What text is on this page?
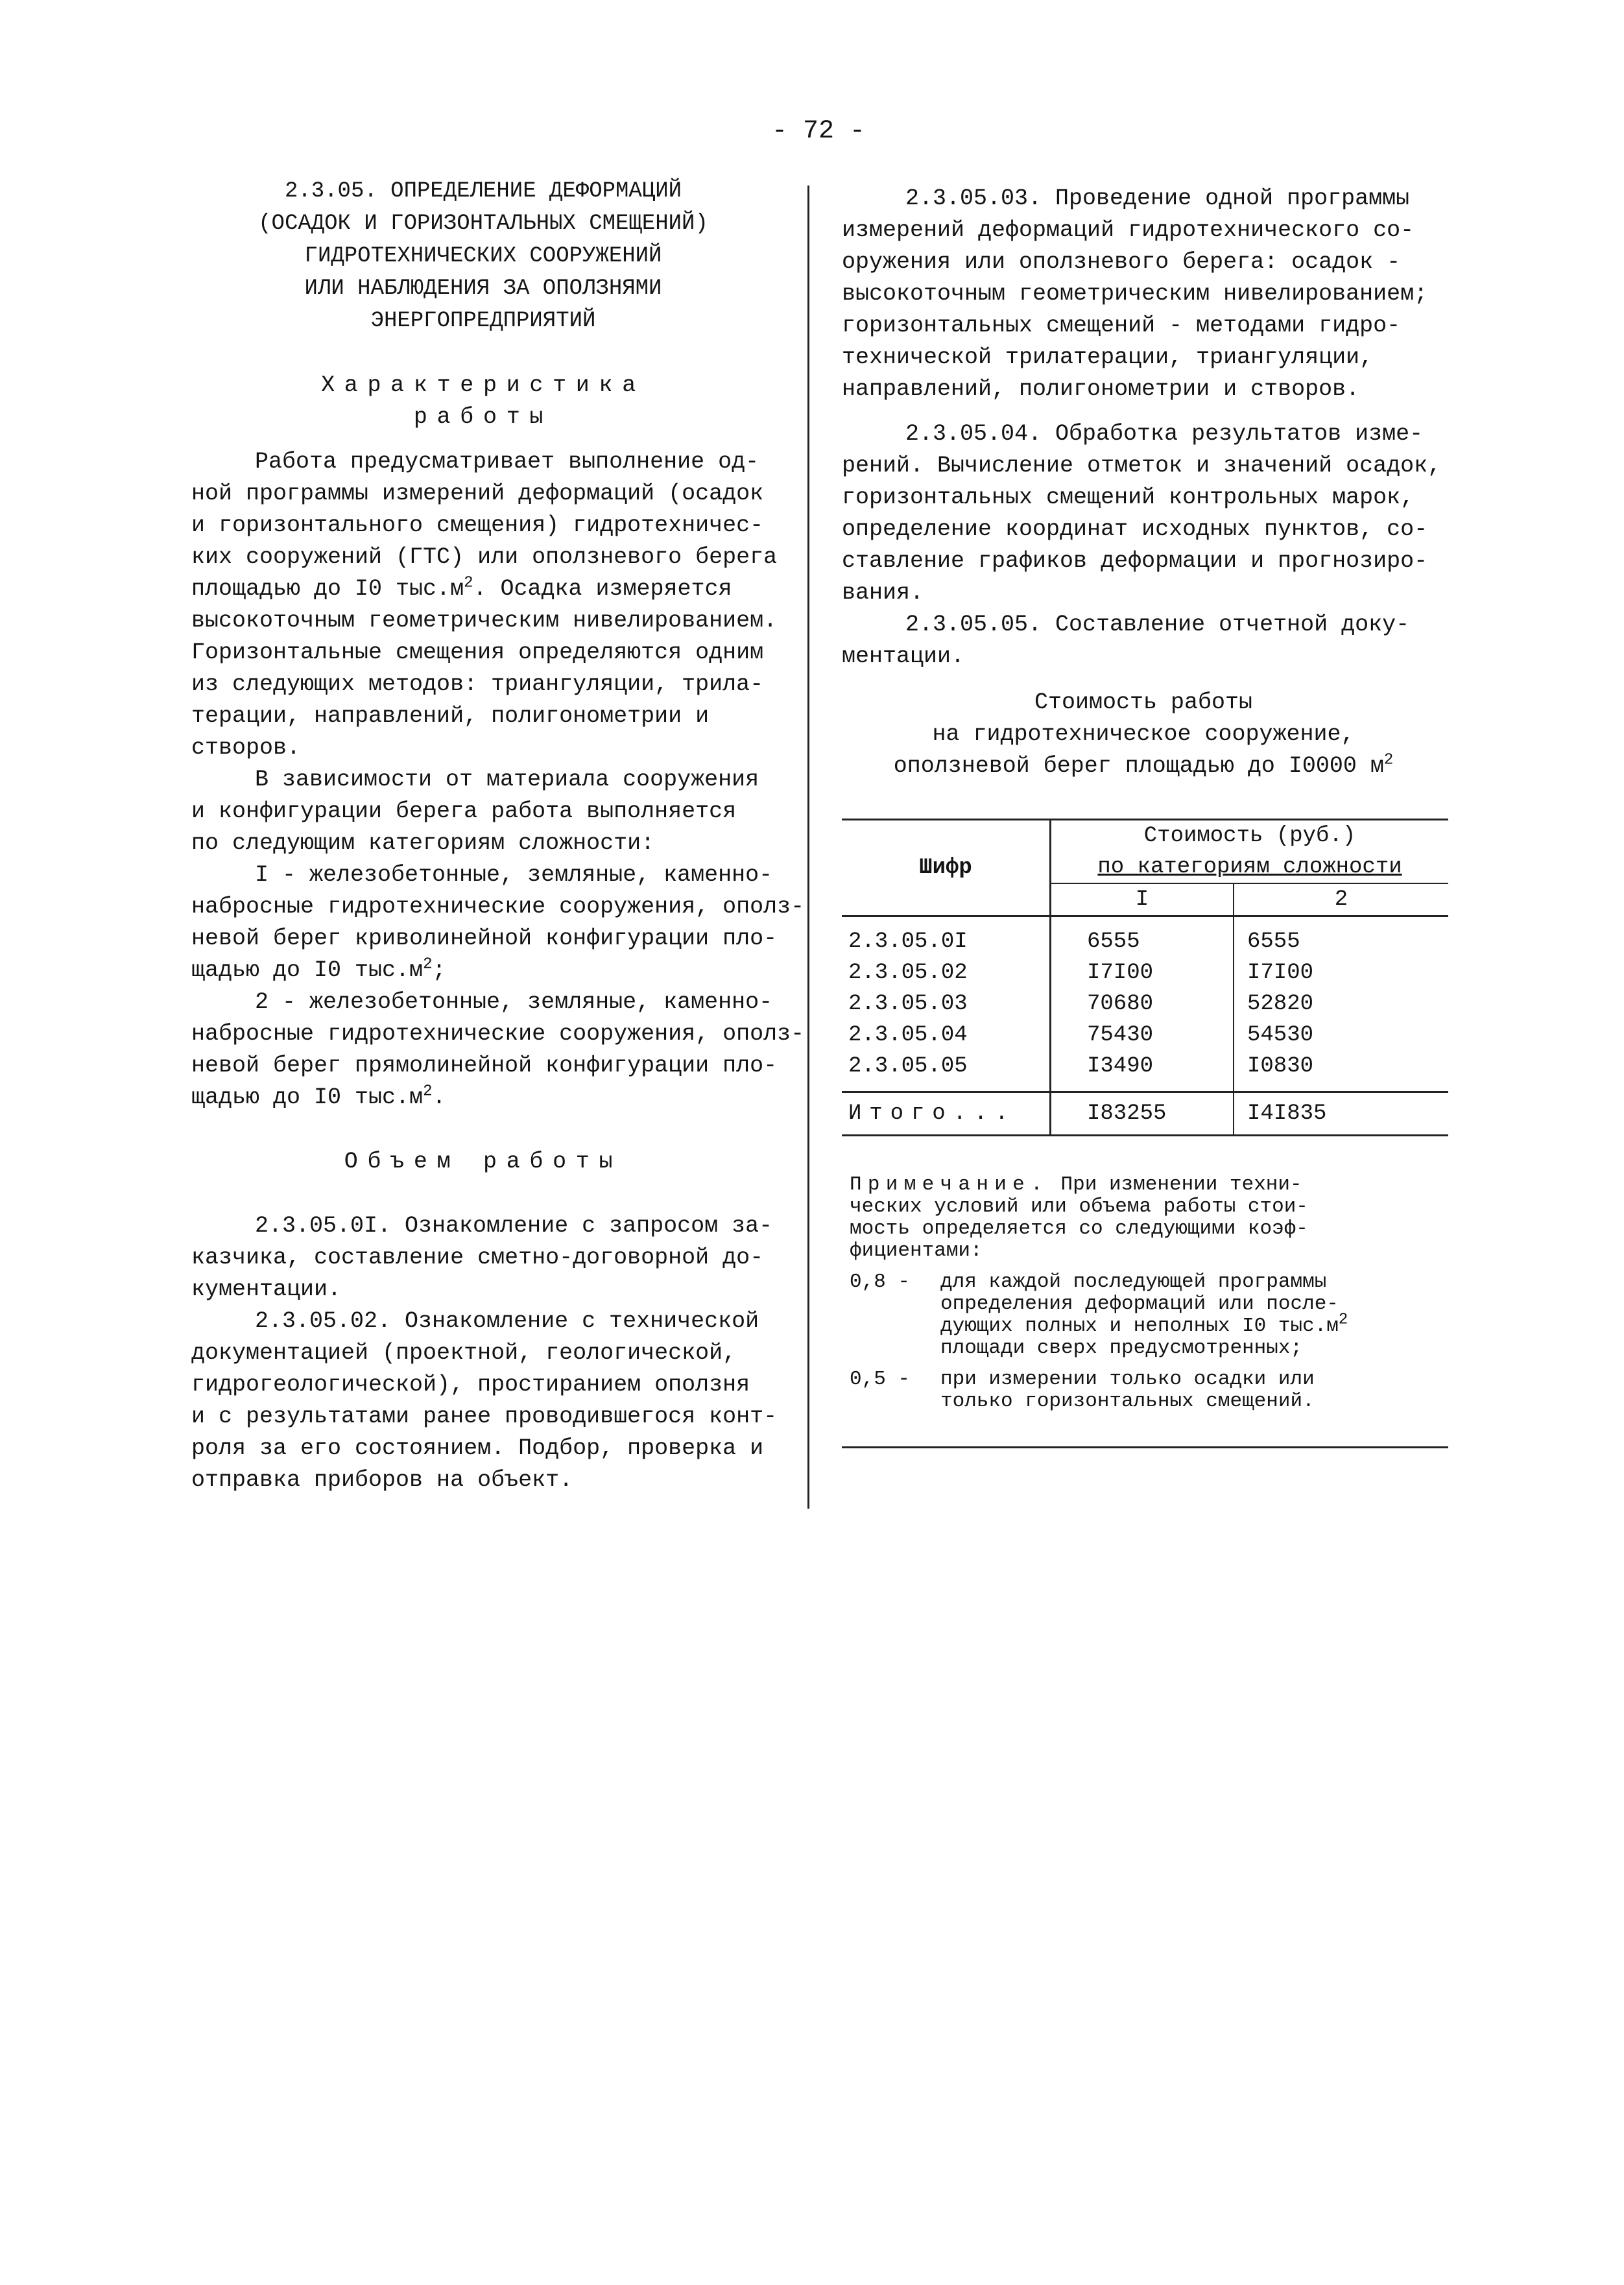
- 72 -
2.3.05. ОПРЕДЕЛЕНИЕ ДЕФОРМАЦИЙ
(ОСАДОК И ГОРИЗОНТАЛЬНЫХ СМЕЩЕНИЙ)
ГИДРОТЕХНИЧЕСКИХ СООРУЖЕНИЙ
ИЛИ НАБЛЮДЕНИЯ ЗА ОПОЛЗНЯМИ
ЭНЕРГОПРЕДПРИЯТИЙ
Характеристика
работы
Работа предусматривает выполнение од-
ной программы измерений деформаций (осадок
и горизонтального смещения) гидротехничес-
ких сооружений (ГТС) или оползневого берега
площадью до I0 $тыс.м^2$. Осадка измеряется
высокоточным геометрическим нивелированием.
Горизонтальные смещения определяются одним
из следующих методов: триангуляции, трила-
терации, направлений, полигонометрии и
створов.
В зависимости от материала сооружения
и конфигурации берега работа выполняется
по следующим категориям сложности:
I - железобетонные, земляные, каменно-
набросные гидротехнические сооружения, ополз-
невой берег криволинейной конфигурации пло-
щадью до I0 $тыс.м^2$;
2 - железобетонные, земляные, каменно-
набросные гидротехнические сооружения, ополз-
невой берег прямолинейной конфигурации пло-
щадью до I0 $тыс.м^2$.
Объем работы
2.3.05.0I. Ознакомление с запросом за-
казчика, составление сметно-договорной до-
кументации.
2.3.05.02. Ознакомление с технической
документацией (проектной, геологической,
гидрогеологической), простиранием оползня
и с результатами ранее проводившегося конт-
роля за его состоянием. Подбор, проверка и
отправка приборов на объект.
2.3.05.03. Проведение одной программы
измерений деформаций гидротехнического со-
оружения или оползневого берега: осадок -
высокоточным геометрическим нивелированием;
горизонтальных смещений - методами гидро-
технической трилатерации, триангуляции,
направлений, полигонометрии и створов.
2.3.05.04. Обработка результатов изме-
рений. Вычисление отметок и значений осадок,
горизонтальных смещений контрольных марок,
определение координат исходных пунктов, со-
ставление графиков деформации и прогнозиро-
вания.
2.3.05.05. Составление отчетной доку-
ментации.
Стоимость работы
на гидротехническое сооружение,
оползневой берег площадью до I0000 $м^2$
Шифр	Стоимость (руб.)
по категориям сложности	

	I	2
2.3.05.0I	6555	6555
2.3.05.02	I7I00	I7I00
2.3.05.03	70680	52820
2.3.05.04	75430	54530
2.3.05.05	I3490	I0830
Итого...	I83255	I4I835
Примечание. При изменении техни-
ческих условий или объема работы стои-
мость определяется со следующими коэф-
фициентами:
0,8 -	для каждой последующей программы
определения деформаций или после-
дующих полных и неполных I0 $тыс.м^2$
площади сверх предусмотренных;
0,5 -	при измерении только осадки или
только горизонтальных смещений.
